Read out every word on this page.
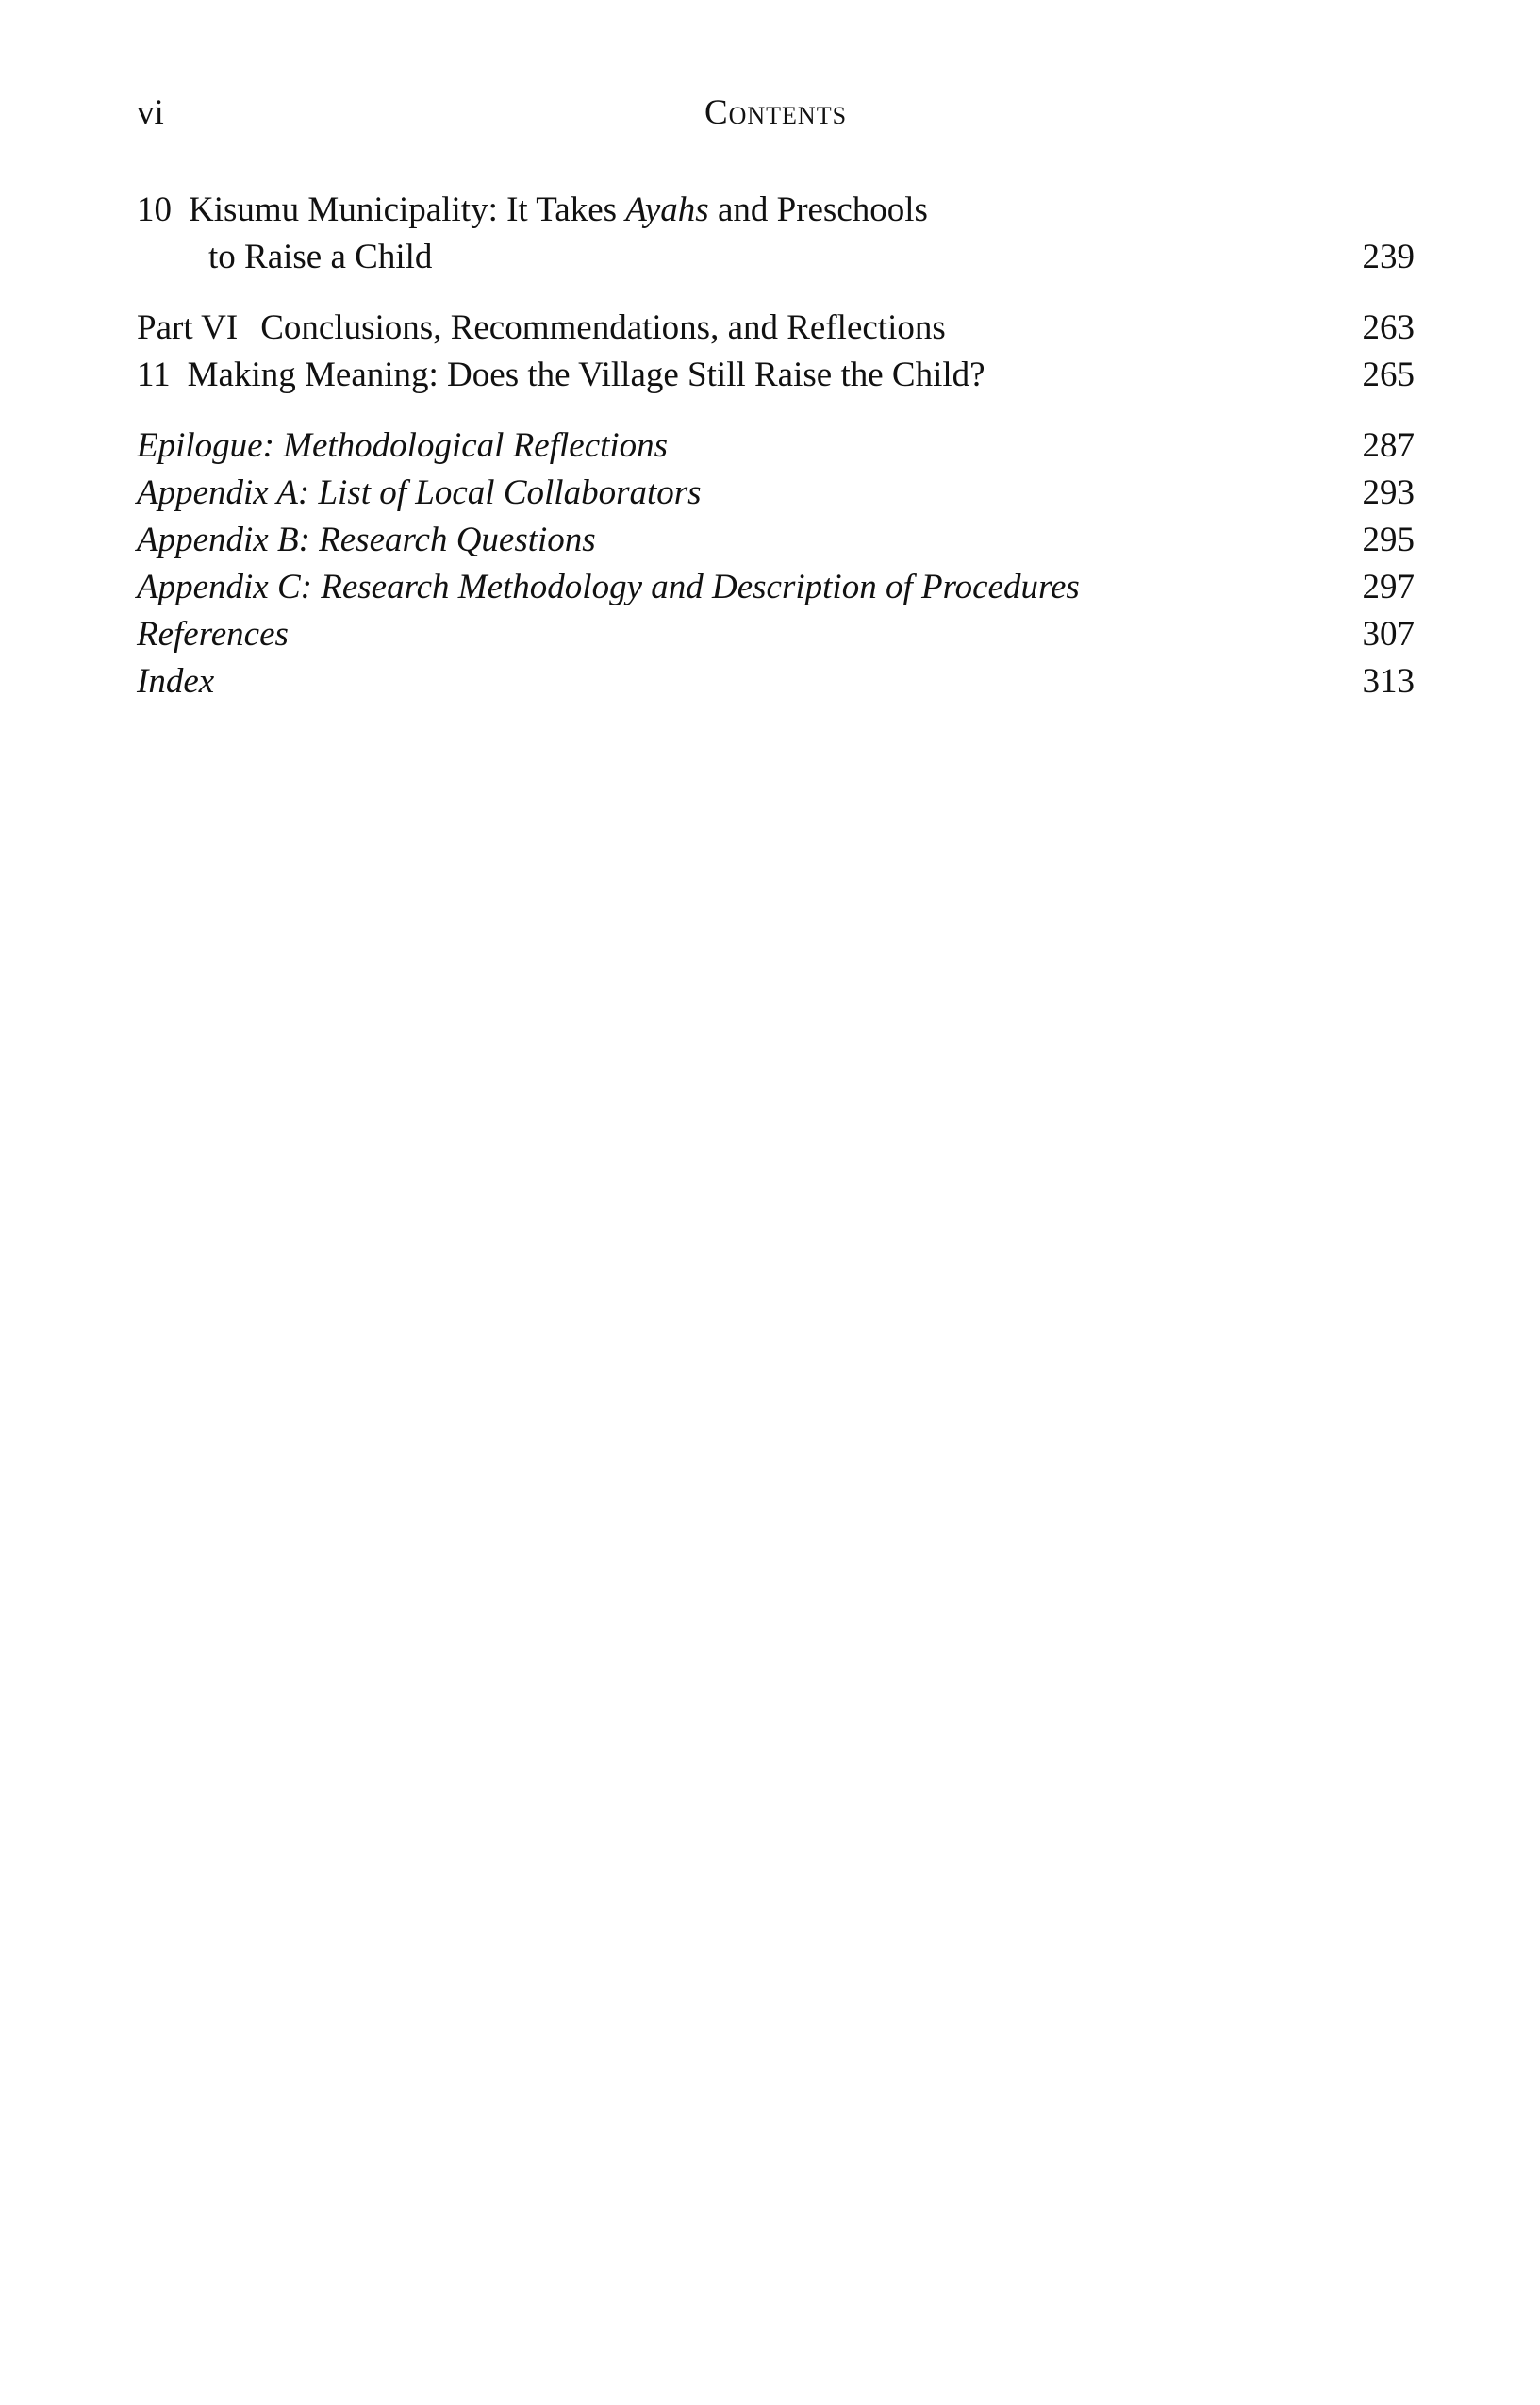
vi	Contents
10 Kisumu Municipality: It Takes Ayahs and Preschools
to Raise a Child	239
Part VI Conclusions, Recommendations, and Reflections	263
11 Making Meaning: Does the Village Still Raise the Child?	265
Epilogue: Methodological Reflections	287
Appendix A: List of Local Collaborators	293
Appendix B: Research Questions	295
Appendix C: Research Methodology and Description of Procedures	297
References	307
Index	313
